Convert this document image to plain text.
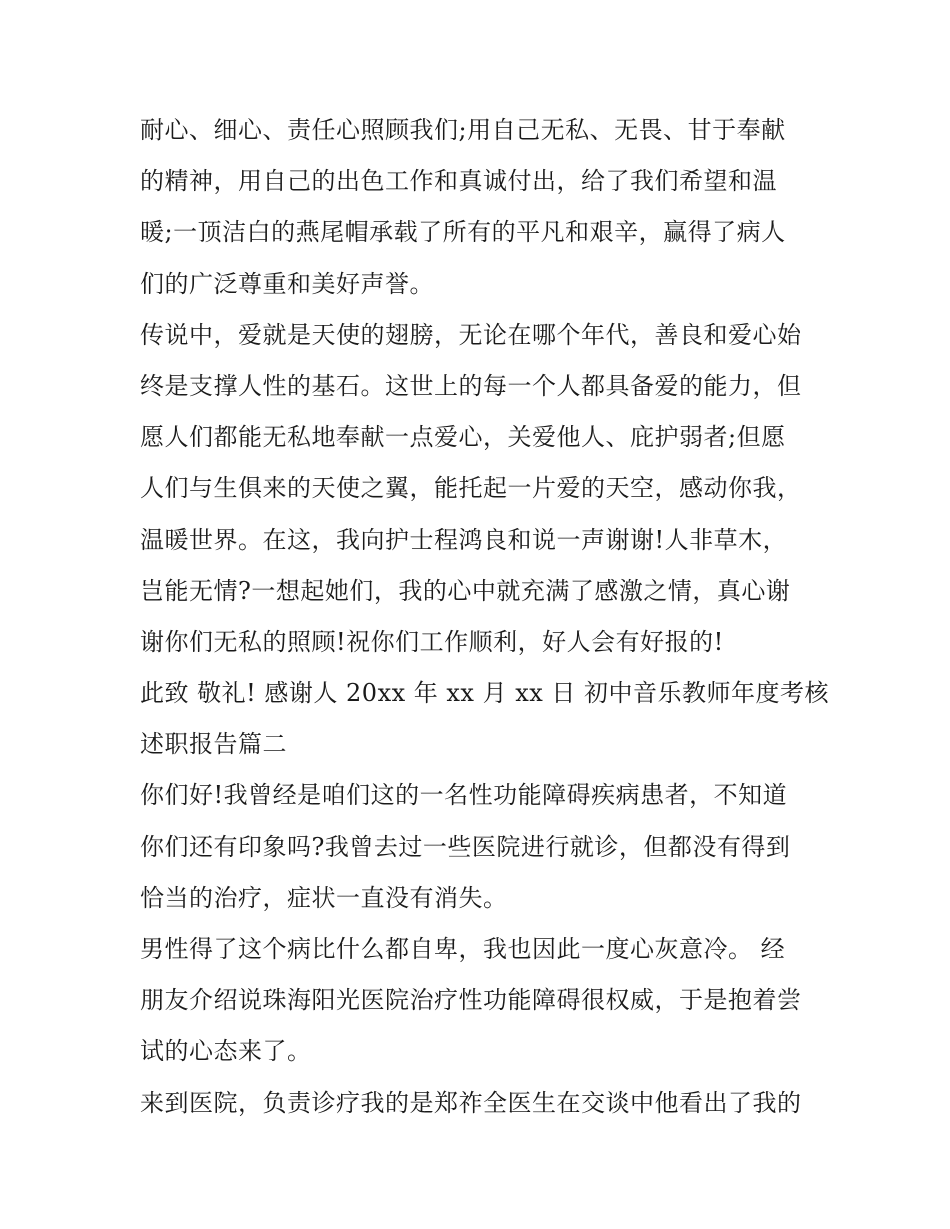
耐心、细心、责任心照顾我们;用自己无私、无畏、甘于奉献
的精神，用自己的出色工作和真诚付出，给了我们希望和温
暖;一顶洁白的燕尾帽承载了所有的平凡和艰辛，赢得了病人
们的广泛尊重和美好声誉。
传说中，爱就是天使的翅膀，无论在哪个年代，善良和爱心始
终是支撑人性的基石。这世上的每一个人都具备爱的能力，但
愿人们都能无私地奉献一点爱心，关爱他人、庇护弱者;但愿
人们与生俱来的天使之翼，能托起一片爱的天空，感动你我，
温暖世界。在这，我向护士程鸿良和说一声谢谢!人非草木，
岂能无情?一想起她们，我的心中就充满了感激之情，真心谢
谢你们无私的照顾!祝你们工作顺利，好人会有好报的!
此致 敬礼! 感谢人 20xx 年 xx 月 xx 日 初中音乐教师年度考核
述职报告篇二
你们好!我曾经是咱们这的一名性功能障碍疾病患者，不知道
你们还有印象吗?我曾去过一些医院进行就诊，但都没有得到
恰当的治疗，症状一直没有消失。
男性得了这个病比什么都自卑，我也因此一度心灰意冷。 经
朋友介绍说珠海阳光医院治疗性功能障碍很权威，于是抱着尝
试的心态来了。
来到医院，负责诊疗我的是郑祚全医生在交谈中他看出了我的
